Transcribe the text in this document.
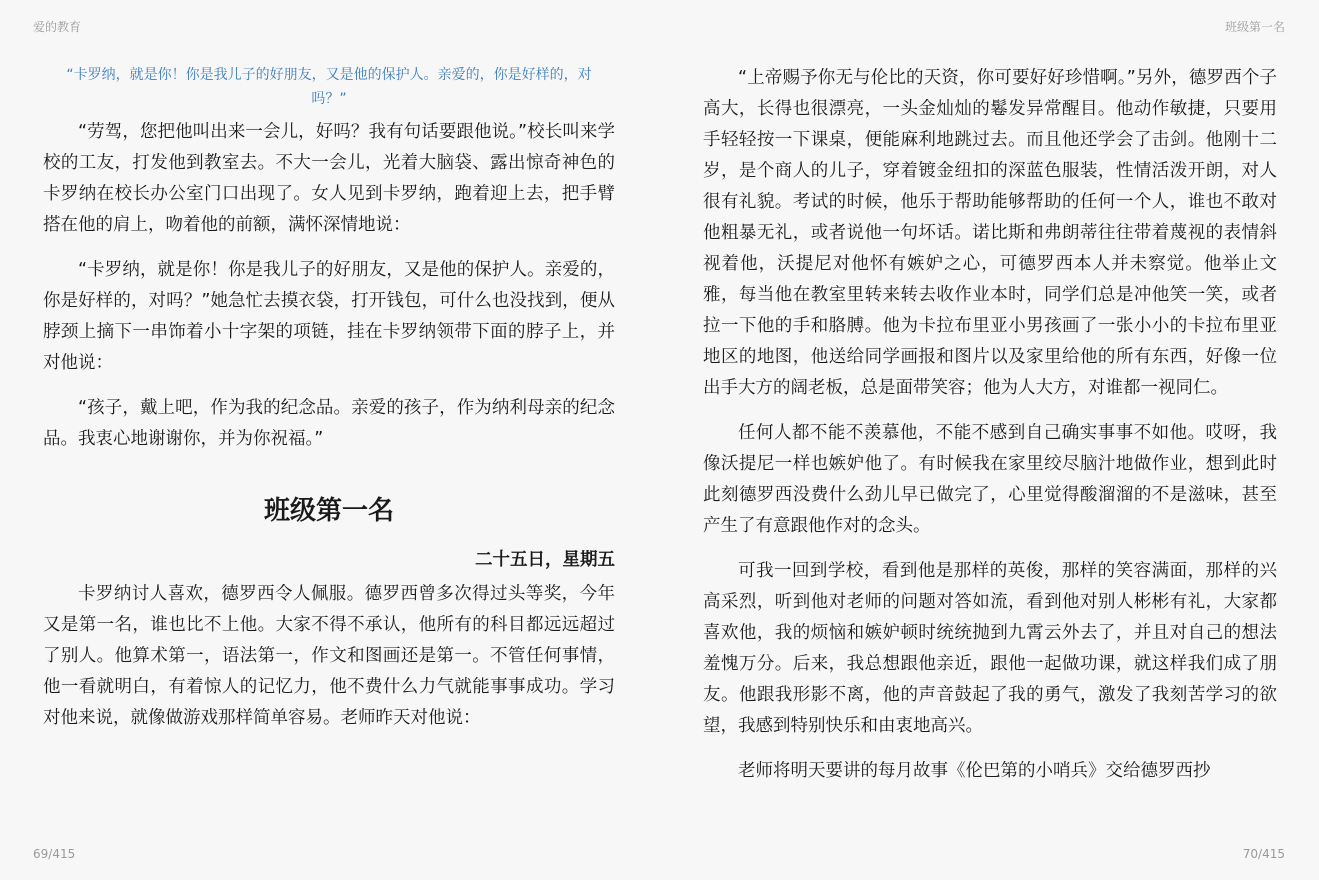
爱的教育
“卡罗纳，就是你！你是我儿子的好朋友，又是他的保护人。亲爱的，你是好样的，对吗？”

“劳驾，您把他叫出来一会儿，好吗？我有句话要跟他说。”校长叫来学校的工友，打发他到教室去。不大一会儿，光着大脑袋、露出惊奇神色的卡罗纳在校长办公室门口出现了。女人见到卡罗纳，跑着迎上去，把手臂搭在他的肩上，吻着他的前额，满怀深情地说：

“卡罗纳，就是你！你是我儿子的好朋友，又是他的保护人。亲爱的，你是好样的，对吗？”她急忙去摸衣袋，打开钱包，可什么也没找到，便从脖颈上摘下一串饰着小十字架的项链，挂在卡罗纳领带下面的脖子上，并对他说：

“孩子，戴上吧，作为我的纪念品。亲爱的孩子，作为纳利母亲的纪念品。我衷心地谢谢你，并为你祝福。”

班级第一名
二十五日，星期五

卡罗纳讨人喜欢，德罗西令人佩服。德罗西曾多次得过头等奖，今年又是第一名，谁也比不上他。大家不得不承认，他所有的科目都远远超过了别人。他算术第一，语法第一，作文和图画还是第一。不管任何事情，他一看就明白，有着惊人的记忆力，他不费什么力气就能事事成功。学习对他来说，就像做游戏那样简单容易。老师昨天对他说：

69/415
班级第一名

“上帝赐予你无与伦比的天资，你可要好好珍惜啊。”另外，德罗西个子高大，长得也很漂亮，一头金灿灿的鬈发异常醒目。他动作敏捷，只要用手轻轻按一下课桌，便能麻利地跳过去。而且他还学会了击剑。他刚十二岁，是个商人的儿子，穿着镀金纽扣的深蓝色服装，性情活泼开朗，对人很有礼貌。考试的时候，他乐于帮助能够帮助的任何一个人，谁也不敢对他粗暴无礼，或者说他一句坏话。诺比斯和弗朗蒂往往带着蔑视的表情斜视着他，沃提尼对他怀有嫉妒之心，可德罗西本人并未察觉。他举止文雅，每当他在教室里转来转去收作业本时，同学们总是冲他笑一笑，或者拉一下他的手和胳膊。他为卡拉布里亚小男孩画了一张小小的卡拉布里亚地区的地图，他送给同学画报和图片以及家里给他的所有东西，好像一位出手大方的阔老板，总是面带笑容；他为人大方，对谁都一视同仁。

任何人都不能不羡慕他，不能不感到自己确实事事不如他。哎呀，我像沃提尼一样也嫉妒他了。有时候我在家里绞尽脑汁地做作业，想到此时此刻德罗西没费什么劲儿早已做完了，心里觉得酸溜溜的不是滋味，甚至产生了有意跟他作对的念头。

可我一回到学校，看到他是那样的英俊，那样的笑容满面，那样的兴高采烈，听到他对老师的问题对答如流，看到他对别人彬彬有礼，大家都喜欢他，我的烦恼和嫉妒顿时统统抛到九霄云外去了，并且对自己的想法羞愧万分。后来，我总想跟他亲近，跟他一起做功课，就这样我们成了朋友。他跟我形影不离，他的声音鼓起了我的勇气，激发了我刻苦学习的欲望，我感到特别快乐和由衷地高兴。

老师将明天要讲的每月故事《伦巴第的小哨兵》交给德罗西抄

70/415
